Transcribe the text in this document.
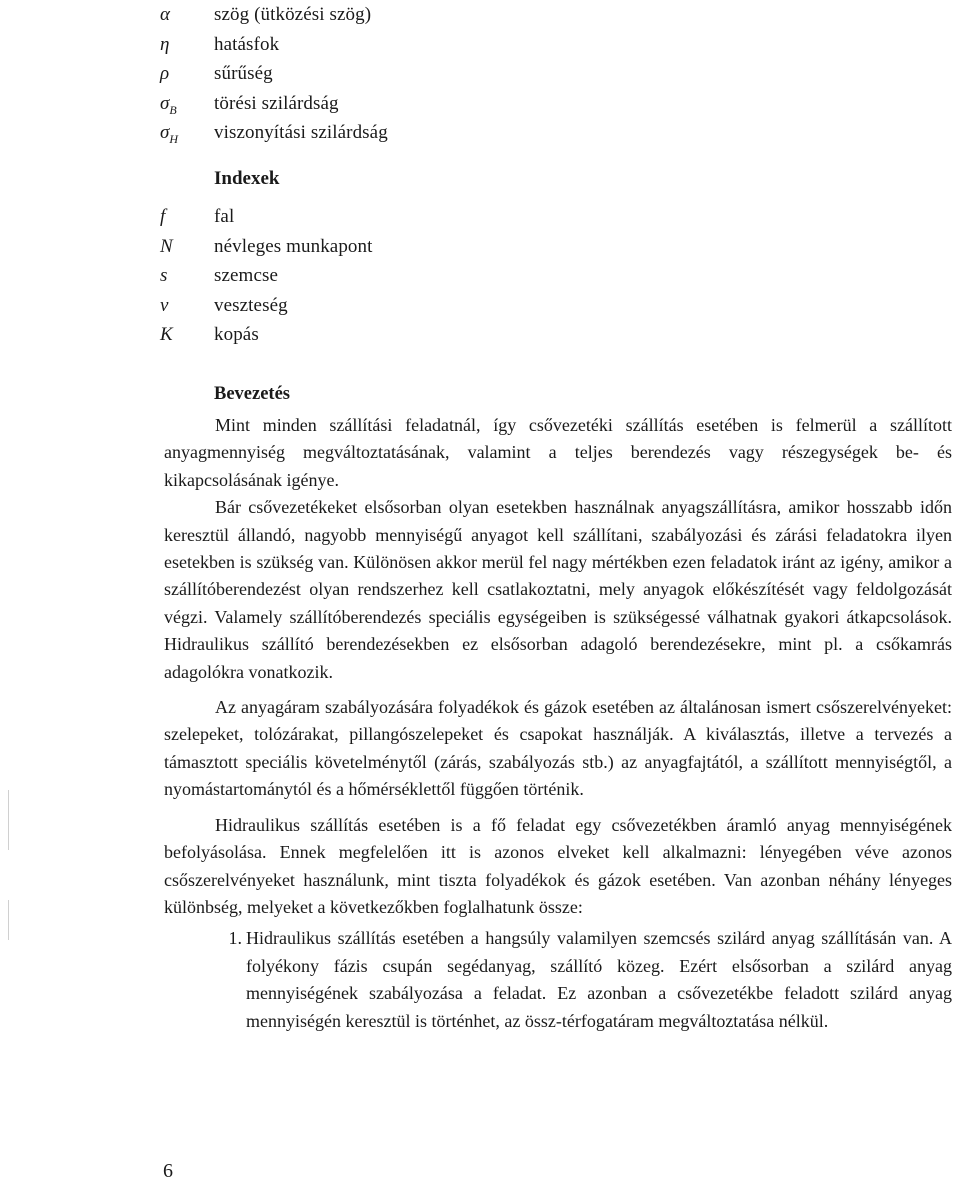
α	szög (ütközési szög)
η	hatásfok
ρ	sűrűség
$\sigma_B$	törési szilárdság
$\sigma_H$	viszonyítási szilárdság
Indexek
f	fal
N	névleges munkapont
s	szemcse
v	veszteség
K	kopás
Bevezetés

Mint minden szállítási feladatnál, így csővezetéki szállítás esetében is felmerül a szállított anyagmennyiség megváltoztatásának, valamint a teljes berendezés vagy részegységek be- és kikapcsolásának igénye.

Bár csővezetékeket elsősorban olyan esetekben használnak anyagszállításra, amikor hosszabb időn keresztül állandó, nagyobb mennyiségű anyagot kell szállítani, szabályozási és zárási feladatokra ilyen esetekben is szükség van. Különösen akkor merül fel nagy mértékben ezen feladatok iránt az igény, amikor a szállítóberendezést olyan rendszerhez kell csatlakoztatni, mely anyagok előkészítését vagy feldolgozását végzi. Valamely szállítóberendezés speciális egységeiben is szükségessé válhatnak gyakori átkapcsolások. Hidraulikus szállító berendezésekben ez elsősorban adagoló berendezésekre, mint pl. a csőkamrás adagolókra vonatkozik.

Az anyagáram szabályozására folyadékok és gázok esetében az általánosan ismert csőszerelvényeket: szelepeket, tolózárakat, pillangószelepeket és csapokat használják. A kiválasztás, illetve a tervezés a támasztott speciális követelménytől (zárás, szabályozás stb.) az anyagfajtától, a szállított mennyiségtől, a nyomástartománytól és a hőmérséklettől függően történik.

Hidraulikus szállítás esetében is a fő feladat egy csővezetékben áramló anyag mennyiségének befolyásolása. Ennek megfelelően itt is azonos elveket kell alkalmazni: lényegében véve azonos csőszerelvényeket használunk, mint tiszta folyadékok és gázok esetében. Van azonban néhány lényeges különbség, melyeket a következőkben foglalhatunk össze:

1. Hidraulikus szállítás esetében a hangsúly valamilyen szemcsés szilárd anyag szállításán van. A folyékony fázis csupán segédanyag, szállító közeg. Ezért elsősorban a szilárd anyag mennyiségének szabályozása a feladat. Ez azonban a csővezetékbe feladott szilárd anyag mennyiségén keresztül is történhet, az össz-térfogatáram megváltoztatása nélkül.
6
